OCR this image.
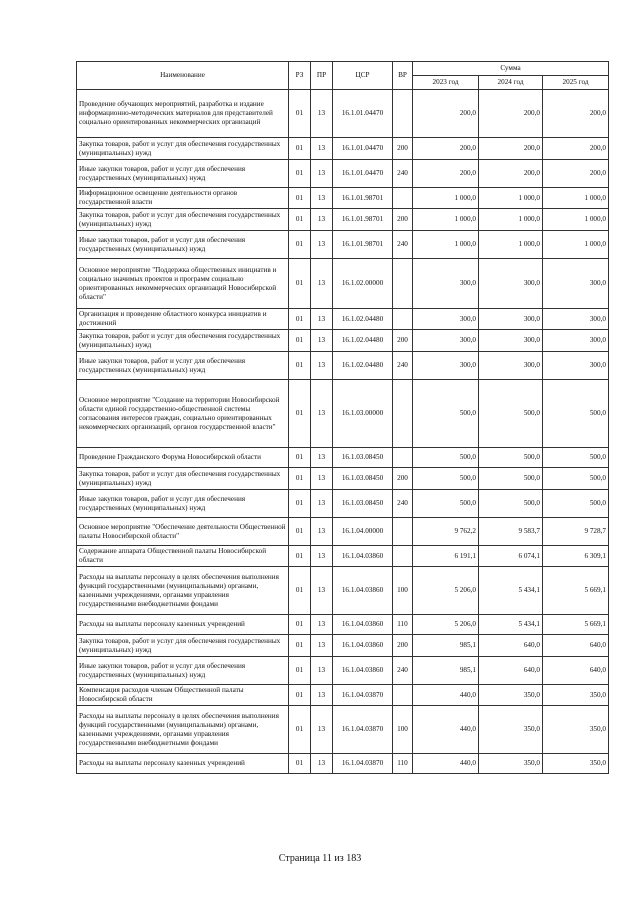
Наименование	РЗ	ПР	ЦСР	ВР	Сумма		
					2023 год	2024 год	2025 год
Проведение обучающих мероприятий, разработка и издание информационно-методических материалов для представителей социально ориентированных некоммерческих организаций	01	13	16.1.01.04470		200,0	200,0	200,0
Закупка товаров, работ и услуг для обеспечения государственных (муниципальных) нужд	01	13	16.1.01.04470	200	200,0	200,0	200,0
Иные закупки товаров, работ и услуг для обеспечения государственных (муниципальных) нужд	01	13	16.1.01.04470	240	200,0	200,0	200,0
Информационное освещение деятельности органов государственной власти	01	13	16.1.01.98701		1 000,0	1 000,0	1 000,0
Закупка товаров, работ и услуг для обеспечения государственных (муниципальных) нужд	01	13	16.1.01.98701	200	1 000,0	1 000,0	1 000,0
Иные закупки товаров, работ и услуг для обеспечения государственных (муниципальных) нужд	01	13	16.1.01.98701	240	1 000,0	1 000,0	1 000,0
Основное мероприятие "Поддержка общественных инициатив и социально значимых проектов и программ социально ориентированных некоммерческих организаций Новосибирской области"	01	13	16.1.02.00000		300,0	300,0	300,0
Организация и проведение областного конкурса инициатив и достижений	01	13	16.1.02.04480		300,0	300,0	300,0
Закупка товаров, работ и услуг для обеспечения государственных (муниципальных) нужд	01	13	16.1.02.04480	200	300,0	300,0	300,0
Иные закупки товаров, работ и услуг для обеспечения государственных (муниципальных) нужд	01	13	16.1.02.04480	240	300,0	300,0	300,0
Основное мероприятие "Создание на территории Новосибирской области единой государственно-общественной системы согласования интересов граждан, социально ориентированных некоммерческих организаций, органов государственной власти"	01	13	16.1.03.00000		500,0	500,0	500,0
Проведение Гражданского Форума Новосибирской области	01	13	16.1.03.08450		500,0	500,0	500,0
Закупка товаров, работ и услуг для обеспечения государственных (муниципальных) нужд	01	13	16.1.03.08450	200	500,0	500,0	500,0
Иные закупки товаров, работ и услуг для обеспечения государственных (муниципальных) нужд	01	13	16.1.03.08450	240	500,0	500,0	500,0
Основное мероприятие "Обеспечение деятельности Общественной палаты Новосибирской области"	01	13	16.1.04.00000		9 762,2	9 583,7	9 728,7
Содержание аппарата Общественной палаты Новосибирской области	01	13	16.1.04.03860		6 191,1	6 074,1	6 309,1
Расходы на выплаты персоналу в целях обеспечения выполнения функций государственными (муниципальными) органами, казенными учреждениями, органами управления государственными внебюджетными фондами	01	13	16.1.04.03860	100	5 206,0	5 434,1	5 669,1
Расходы на выплаты персоналу казенных учреждений	01	13	16.1.04.03860	110	5 206,0	5 434,1	5 669,1
Закупка товаров, работ и услуг для обеспечения государственных (муниципальных) нужд	01	13	16.1.04.03860	200	985,1	640,0	640,0
Иные закупки товаров, работ и услуг для обеспечения государственных (муниципальных) нужд	01	13	16.1.04.03860	240	985,1	640,0	640,0
Компенсация расходов членам Общественной палаты Новосибирской области	01	13	16.1.04.03870		440,0	350,0	350,0
Расходы на выплаты персоналу в целях обеспечения выполнения функций государственными (муниципальными) органами, казенными учреждениями, органами управления государственными внебюджетными фондами	01	13	16.1.04.03870	100	440,0	350,0	350,0
Расходы на выплаты персоналу казенных учреждений	01	13	16.1.04.03870	110	440,0	350,0	350,0
Страница 11 из 183
